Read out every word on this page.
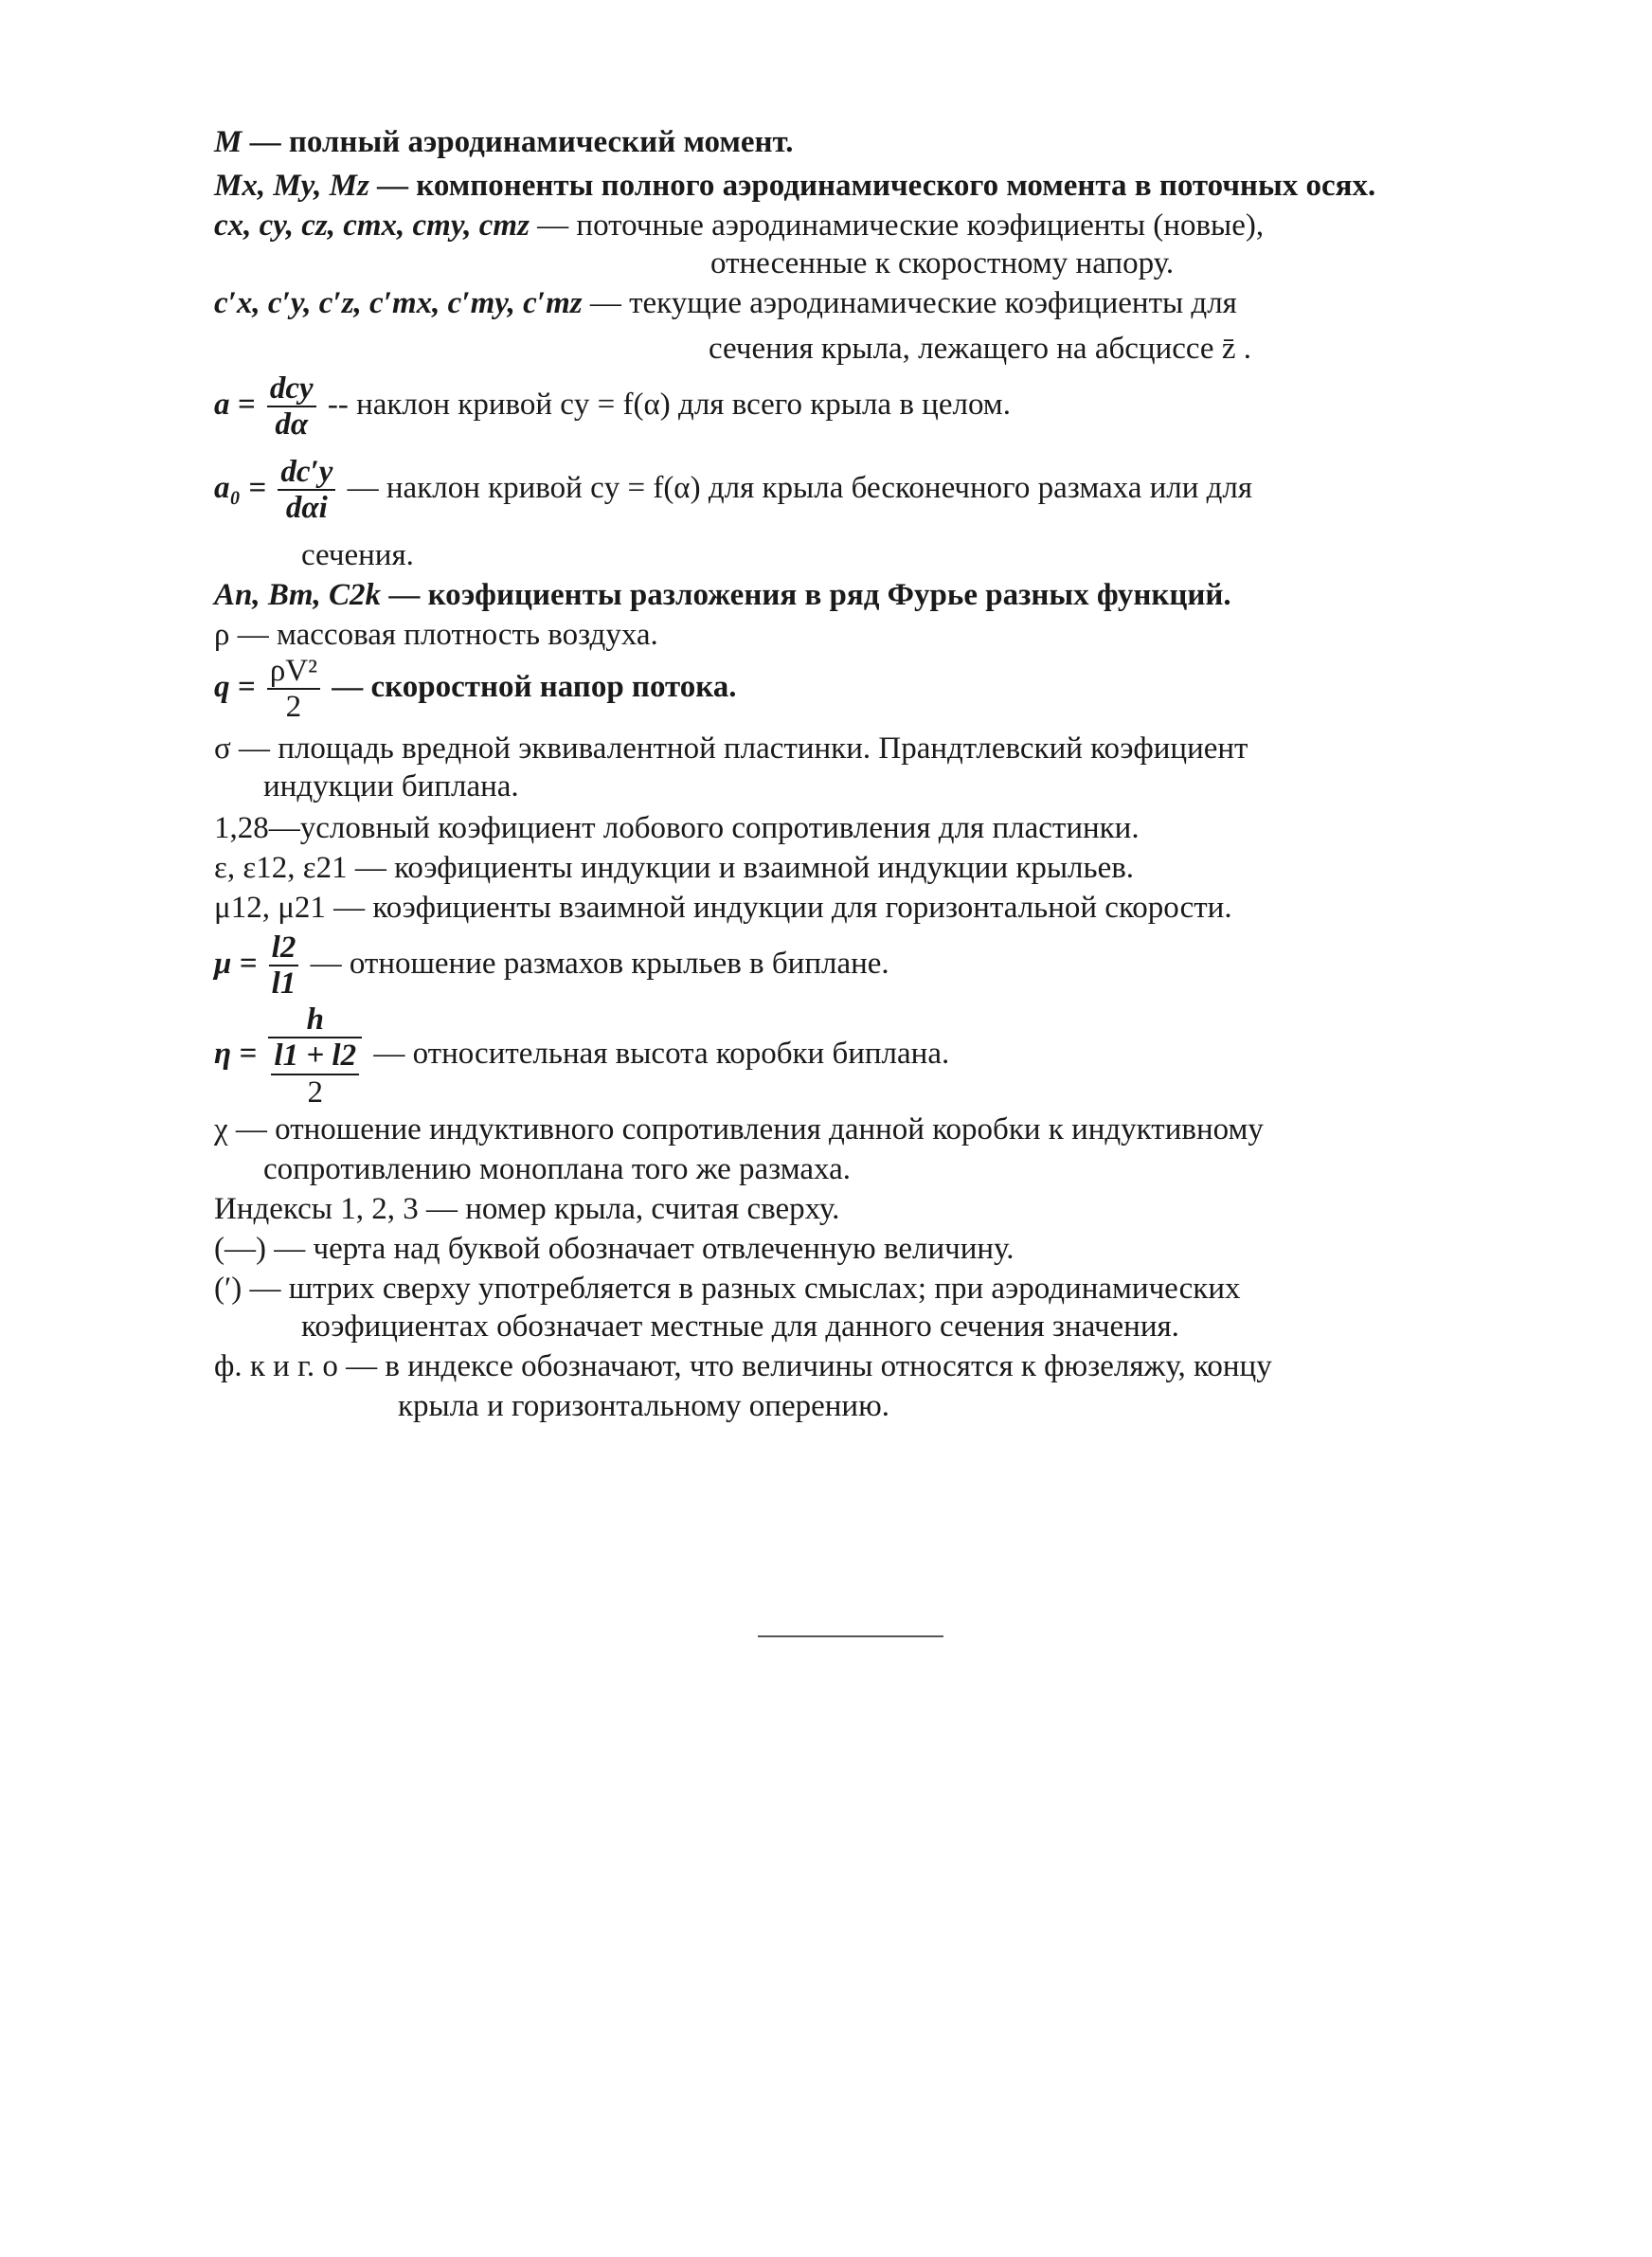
M — полный аэродинамический момент.
Mx, My, Mz — компоненты полного аэродинамического момента в поточных осях.
cx, cy, cz, cmx, cmy, cmz — поточные аэродинамические коэфициенты (новые),
отнесенные к скоростному напору.
c′x, c′y, c′z, c′mx, c′my, c′mz — текущие аэродинамические коэфициенты для
сечения крыла, лежащего на абсциссе z̄ .
$a = \frac{\text{dcy}}{d\alpha}$ -- наклон кривой cy = f(α) для всего крыла в целом.
$a_0 = \frac{dc'y}{\text{dαi}}$ — наклон кривой cy = f(α) для крыла бесконечного размаха или для
сечения.
An, Bm, C2k — коэфициенты разложения в ряд Фурье разных функций.
ρ — массовая плотность воздуха.
$q = \frac{\text{ρV²}}{2}$ — скоростной напор потока.
σ — площадь вредной эквивалентной пластинки. Прандтлевский коэфициент
индукции биплана.
1,28—условный коэфициент лобового сопротивления для пластинки.
ε, ε12, ε21 — коэфициенты индукции и взаимной индукции крыльев.
μ12, μ21 — коэфициенты взаимной индукции для горизонтальной скорости.
$\mu = \frac{l2}{l1}$ — отношение размахов крыльев в биплане.
$\eta = \frac{h}{\frac{l1 + l2}{2}}$ — относительная высота коробки биплана.
χ — отношение индуктивного сопротивления данной коробки к индуктивному
сопротивлению моноплана того же размаха.
Индексы 1, 2, 3 — номер крыла, считая сверху.
(—) — черта над буквой обозначает отвлеченную величину.
(′) — штрих сверху употребляется в разных смыслах; при аэродинамических
коэфициентах обозначает местные для данного сечения значения.
ф. к и г. о — в индексе обозначают, что величины относятся к фюзеляжу, концу
крыла и горизонтальному оперению.
